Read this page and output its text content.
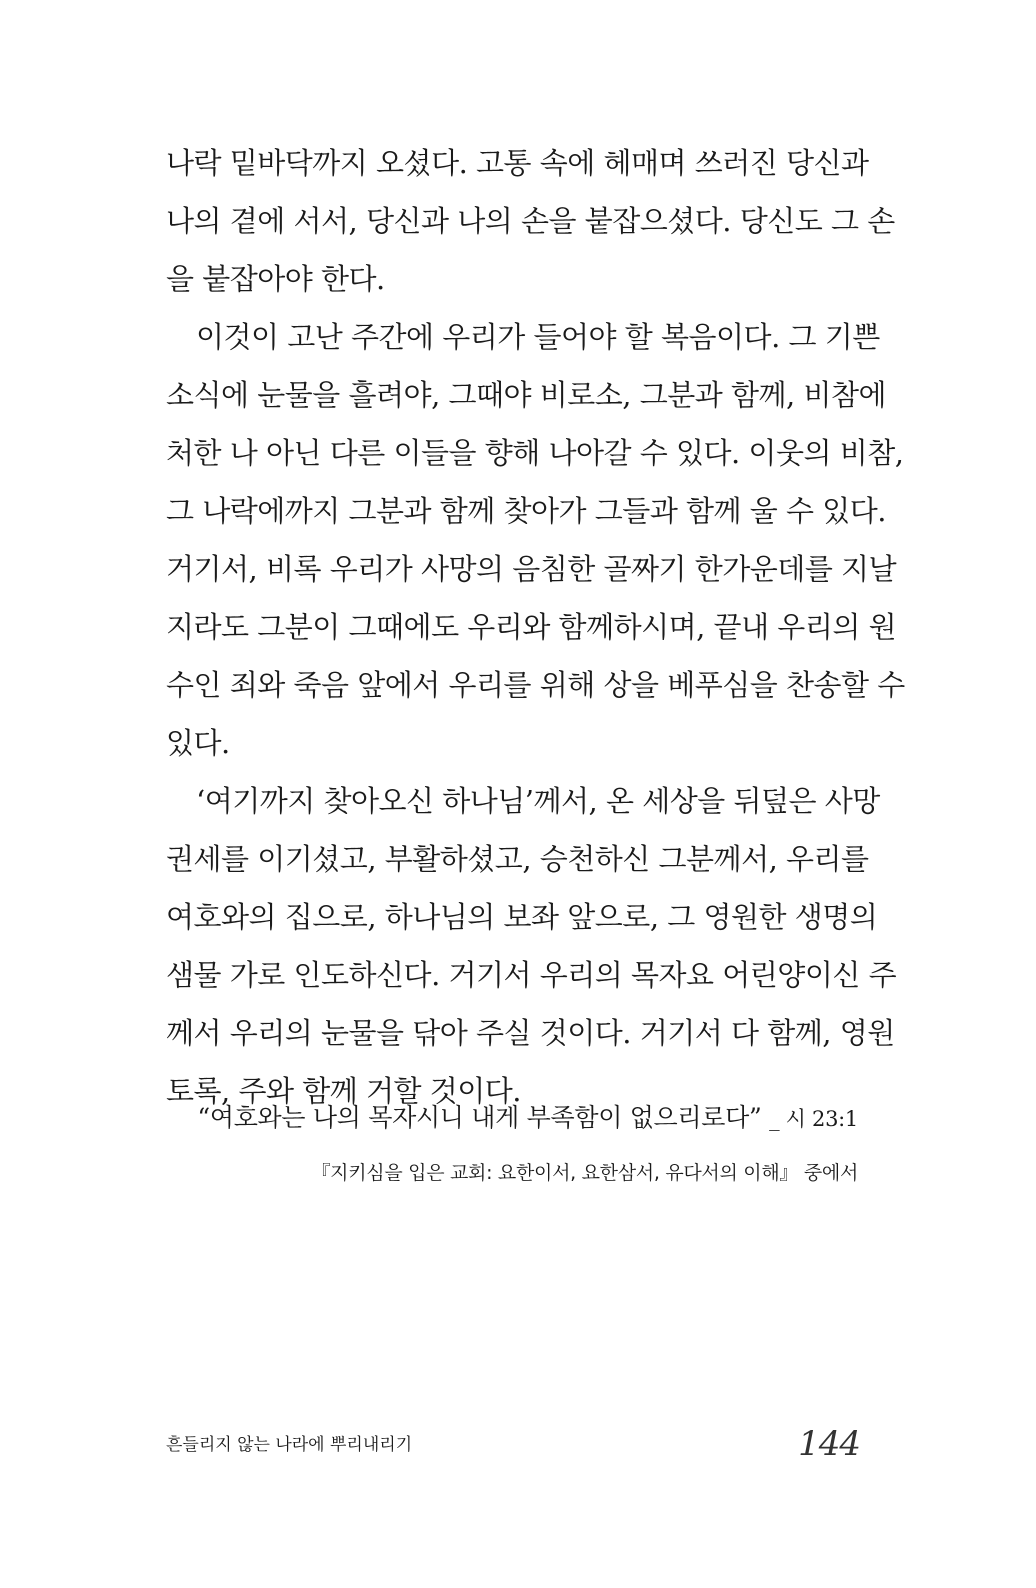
나락 밑바닥까지 오셨다. 고통 속에 헤매며 쓰러진 당신과
나의 곁에 서서, 당신과 나의 손을 붙잡으셨다. 당신도 그 손
을 붙잡아야 한다.
이것이 고난 주간에 우리가 들어야 할 복음이다. 그 기쁜
소식에 눈물을 흘려야, 그때야 비로소, 그분과 함께, 비참에
처한 나 아닌 다른 이들을 향해 나아갈 수 있다. 이웃의 비참,
그 나락에까지 그분과 함께 찾아가 그들과 함께 울 수 있다.
거기서, 비록 우리가 사망의 음침한 골짜기 한가운데를 지날
지라도 그분이 그때에도 우리와 함께하시며, 끝내 우리의 원
수인 죄와 죽음 앞에서 우리를 위해 상을 베푸심을 찬송할 수
있다.
‘여기까지 찾아오신 하나님’께서, 온 세상을 뒤덮은 사망
권세를 이기셨고, 부활하셨고, 승천하신 그분께서, 우리를
여호와의 집으로, 하나님의 보좌 앞으로, 그 영원한 생명의
샘물 가로 인도하신다. 거기서 우리의 목자요 어린양이신 주
께서 우리의 눈물을 닦아 주실 것이다. 거기서 다 함께, 영원
토록, 주와 함께 거할 것이다.
“여호와는 나의 목자시니 내게 부족함이 없으리로다” _ 시 23:1
『지키심을 입은 교회: 요한이서, 요한삼서, 유다서의 이해』 중에서
흔들리지 않는 나라에 뿌리내리기	144
